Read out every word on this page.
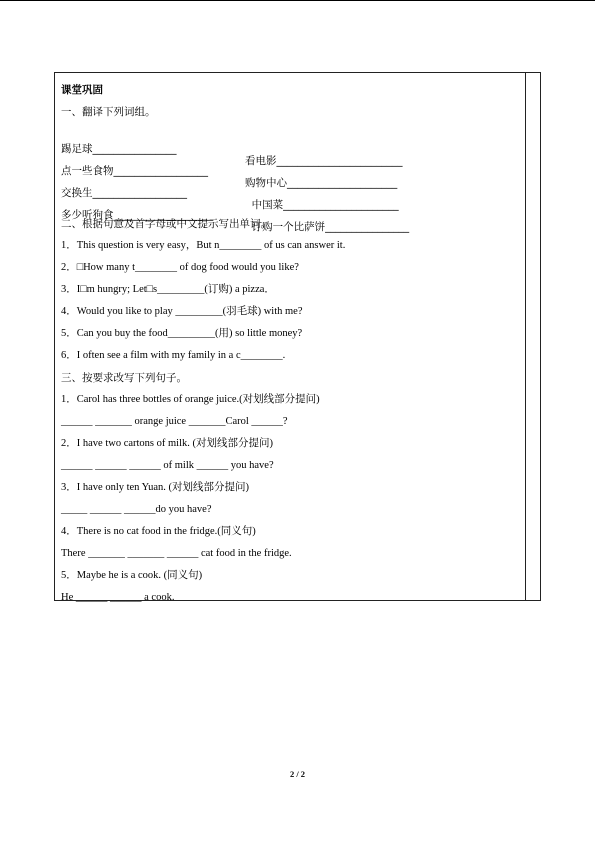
课堂巩固
一、翻译下列词组。

踢足球________________

看电影________________________

点一些食物__________________

购物中心_____________________

交换生__________________

中国菜______________________

多少听狗食___________________

订购一个比萨饼________________

二、根据句意及首字母或中文提示写出单词。
1．This question is very easy，But n________ of us can answer it.
2．□How many t________ of dog food would you like?
3．I□m hungry; Let□s_________(订购) a pizza．
4．Would you like to play _________(羽毛球) with me?
5．Can you buy the food_________(用) so little money?
6．I often see a film with my family in a c________.
三、按要求改写下列句子。
1．Carol has three bottles of orange juice.(对划线部分提问)
______ _______ orange juice _______Carol ______?
2．I have two cartons of milk. (对划线部分提问)
______ ______ ______ of milk ______ you have?
3．I have only ten Yuan. (对划线部分提问)
_____ ______ ______do you have?
4．There is no cat food in the fridge.(同义句)
There _______ _______ ______ cat food in the fridge.
5．Maybe he is a cook. (同义句)
He ______ ______ a cook.
2 / 2
